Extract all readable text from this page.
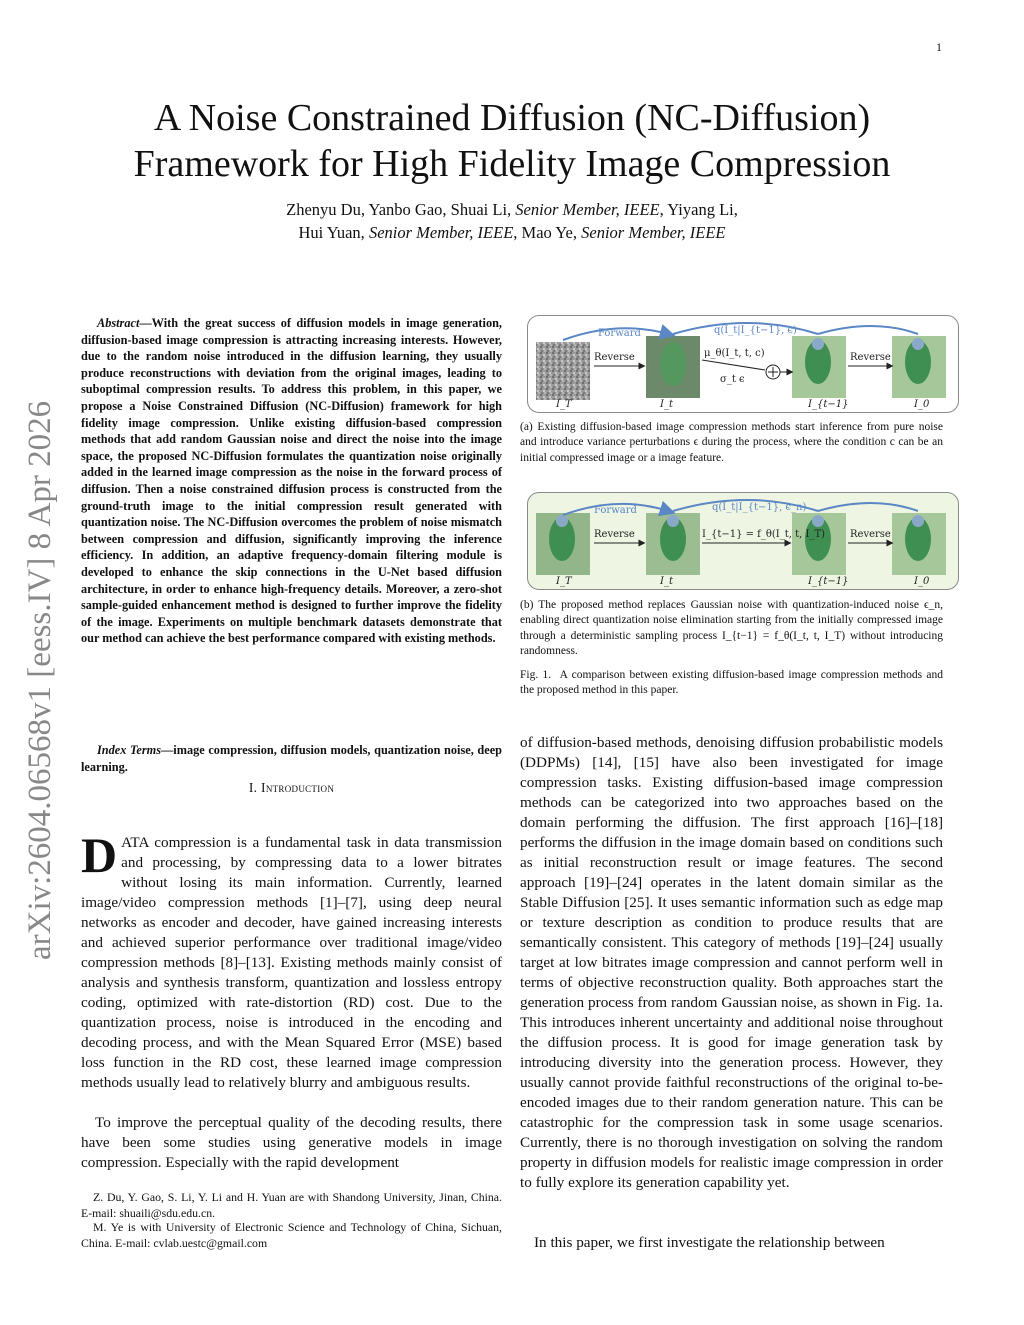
1
arXiv:2604.06568v1 [eess.IV] 8 Apr 2026
A Noise Constrained Diffusion (NC-Diffusion)
Framework for High Fidelity Image Compression
Zhenyu Du, Yanbo Gao, Shuai Li, Senior Member, IEEE, Yiyang Li,
Hui Yuan, Senior Member, IEEE, Mao Ye, Senior Member, IEEE
Abstract—With the great success of diffusion models in image generation, diffusion-based image compression is attracting increasing interests. However, due to the random noise introduced in the diffusion learning, they usually produce reconstructions with deviation from the original images, leading to suboptimal compression results. To address this problem, in this paper, we propose a Noise Constrained Diffusion (NC-Diffusion) framework for high fidelity image compression. Unlike existing diffusion-based compression methods that add random Gaussian noise and direct the noise into the image space, the proposed NC-Diffusion formulates the quantization noise originally added in the learned image compression as the noise in the forward process of diffusion. Then a noise constrained diffusion process is constructed from the ground-truth image to the initial compression result generated with quantization noise. The NC-Diffusion overcomes the problem of noise mismatch between compression and diffusion, significantly improving the inference efficiency. In addition, an adaptive frequency-domain filtering module is developed to enhance the skip connections in the U-Net based diffusion architecture, in order to enhance high-frequency details. Moreover, a zero-shot sample-guided enhancement method is designed to further improve the fidelity of the image. Experiments on multiple benchmark datasets demonstrate that our method can achieve the best performance compared with existing methods.
Index Terms—image compression, diffusion models, quantization noise, deep learning.
I. Introduction
DATA compression is a fundamental task in data transmission and processing, by compressing data to a lower bitrates without losing its main information. Currently, learned image/video compression methods [1]–[7], using deep neural networks as encoder and decoder, have gained increasing interests and achieved superior performance over traditional image/video compression methods [8]–[13]. Existing methods mainly consist of analysis and synthesis transform, quantization and lossless entropy coding, optimized with rate-distortion (RD) cost. Due to the quantization process, noise is introduced in the encoding and decoding process, and with the Mean Squared Error (MSE) based loss function in the RD cost, these learned image compression methods usually lead to relatively blurry and ambiguous results.
To improve the perceptual quality of the decoding results, there have been some studies using generative models in image compression. Especially with the rapid development
Z. Du, Y. Gao, S. Li, Y. Li and H. Yuan are with Shandong University, Jinan, China. E-mail: shuaili@sdu.edu.cn.
M. Ye is with University of Electronic Science and Technology of China, Sichuan, China. E-mail: cvlab.uestc@gmail.com
Forward	q(I_t|I_{t−1}, ϵ)
Reverse	μ_θ(I_t, t, c)
σ_t ϵ
Reverse
I_T	I_t	I_{t−1}	I_0
(a) Existing diffusion-based image compression methods start inference from pure noise and introduce variance perturbations ϵ during the process, where the condition c can be an initial compressed image or a image feature.
Forward	q(I_t|I_{t−1}, ϵ_n)
Reverse	I_{t−1} = f_θ(I_t, t, I_T) Reverse
I_T	I_t	I_{t−1}	I_0
(b) The proposed method replaces Gaussian noise with quantization-induced noise ϵ_n, enabling direct quantization noise elimination starting from the initially compressed image through a deterministic sampling process I_{t−1} = f_θ(I_t, t, I_T) without introducing randomness.
Fig. 1. A comparison between existing diffusion-based image compression methods and the proposed method in this paper.
of diffusion-based methods, denoising diffusion probabilistic models (DDPMs) [14], [15] have also been investigated for image compression tasks. Existing diffusion-based image compression methods can be categorized into two approaches based on the domain performing the diffusion. The first approach [16]–[18] performs the diffusion in the image domain based on conditions such as initial reconstruction result or image features. The second approach [19]–[24] operates in the latent domain similar as the Stable Diffusion [25]. It uses semantic information such as edge map or texture description as condition to produce results that are semantically consistent. This category of methods [19]–[24] usually target at low bitrates image compression and cannot perform well in terms of objective reconstruction quality. Both approaches start the generation process from random Gaussian noise, as shown in Fig. 1a. This introduces inherent uncertainty and additional noise throughout the diffusion process. It is good for image generation task by introducing diversity into the generation process. However, they usually cannot provide faithful reconstructions of the original to-be-encoded images due to their random generation nature. This can be catastrophic for the compression task in some usage scenarios. Currently, there is no thorough investigation on solving the random property in diffusion models for realistic image compression in order to fully explore its generation capability yet.
In this paper, we first investigate the relationship between
